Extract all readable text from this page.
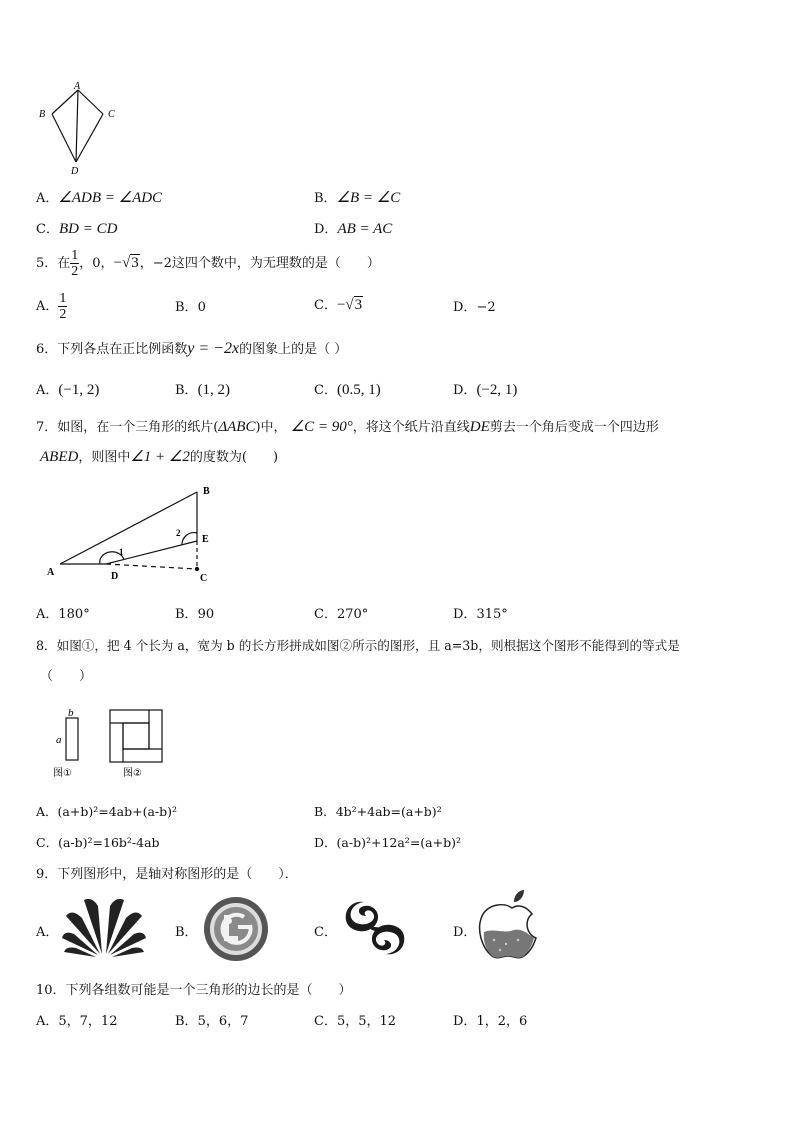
A
B	C
D
A．∠ADB = ∠ADC	B．∠B = ∠C
C．BD = CD	D．AB = AC
5．在 $\frac{1}{2}$ ，0，−√3，−2这四个数中，为无理数的是（　　）
A． $\frac{1}{2}$	B．0	C．−√3	D．−2
6．下列各点在正比例函数y = −2x的图象上的是（ ）
A．(−1, 2)	B．(1, 2)	C．(0.5, 1)	D．(−2, 1)
7．如图，在一个三角形的纸片(ΔABC)中， ∠C = 90°，将这个纸片沿直线DE剪去一个角后变成一个四边形
ABED，则图中∠1 + ∠2的度数为(　　)
A
B
C
D
E
1
2
A．180°	B．90	C．270°	D．315°
8．如图①，把 4 个长为 a，宽为 b 的长方形拼成如图②所示的图形，且 a=3b，则根据这个图形不能得到的等式是
（　　）
b
a
图①	图②
A．(a+b)²=4ab+(a-b)²	B．4b²+4ab=(a+b)²
C．(a-b)²=16b²-4ab	D．(a-b)²+12a²=(a+b)²
9．下列图形中，是轴对称图形的是（　　）．
A．	B．	C．	D．
10．下列各组数可能是一个三角形的边长的是（　　）
A．5，7，12	B．5，6，7	C．5，5，12	D．1，2，6
